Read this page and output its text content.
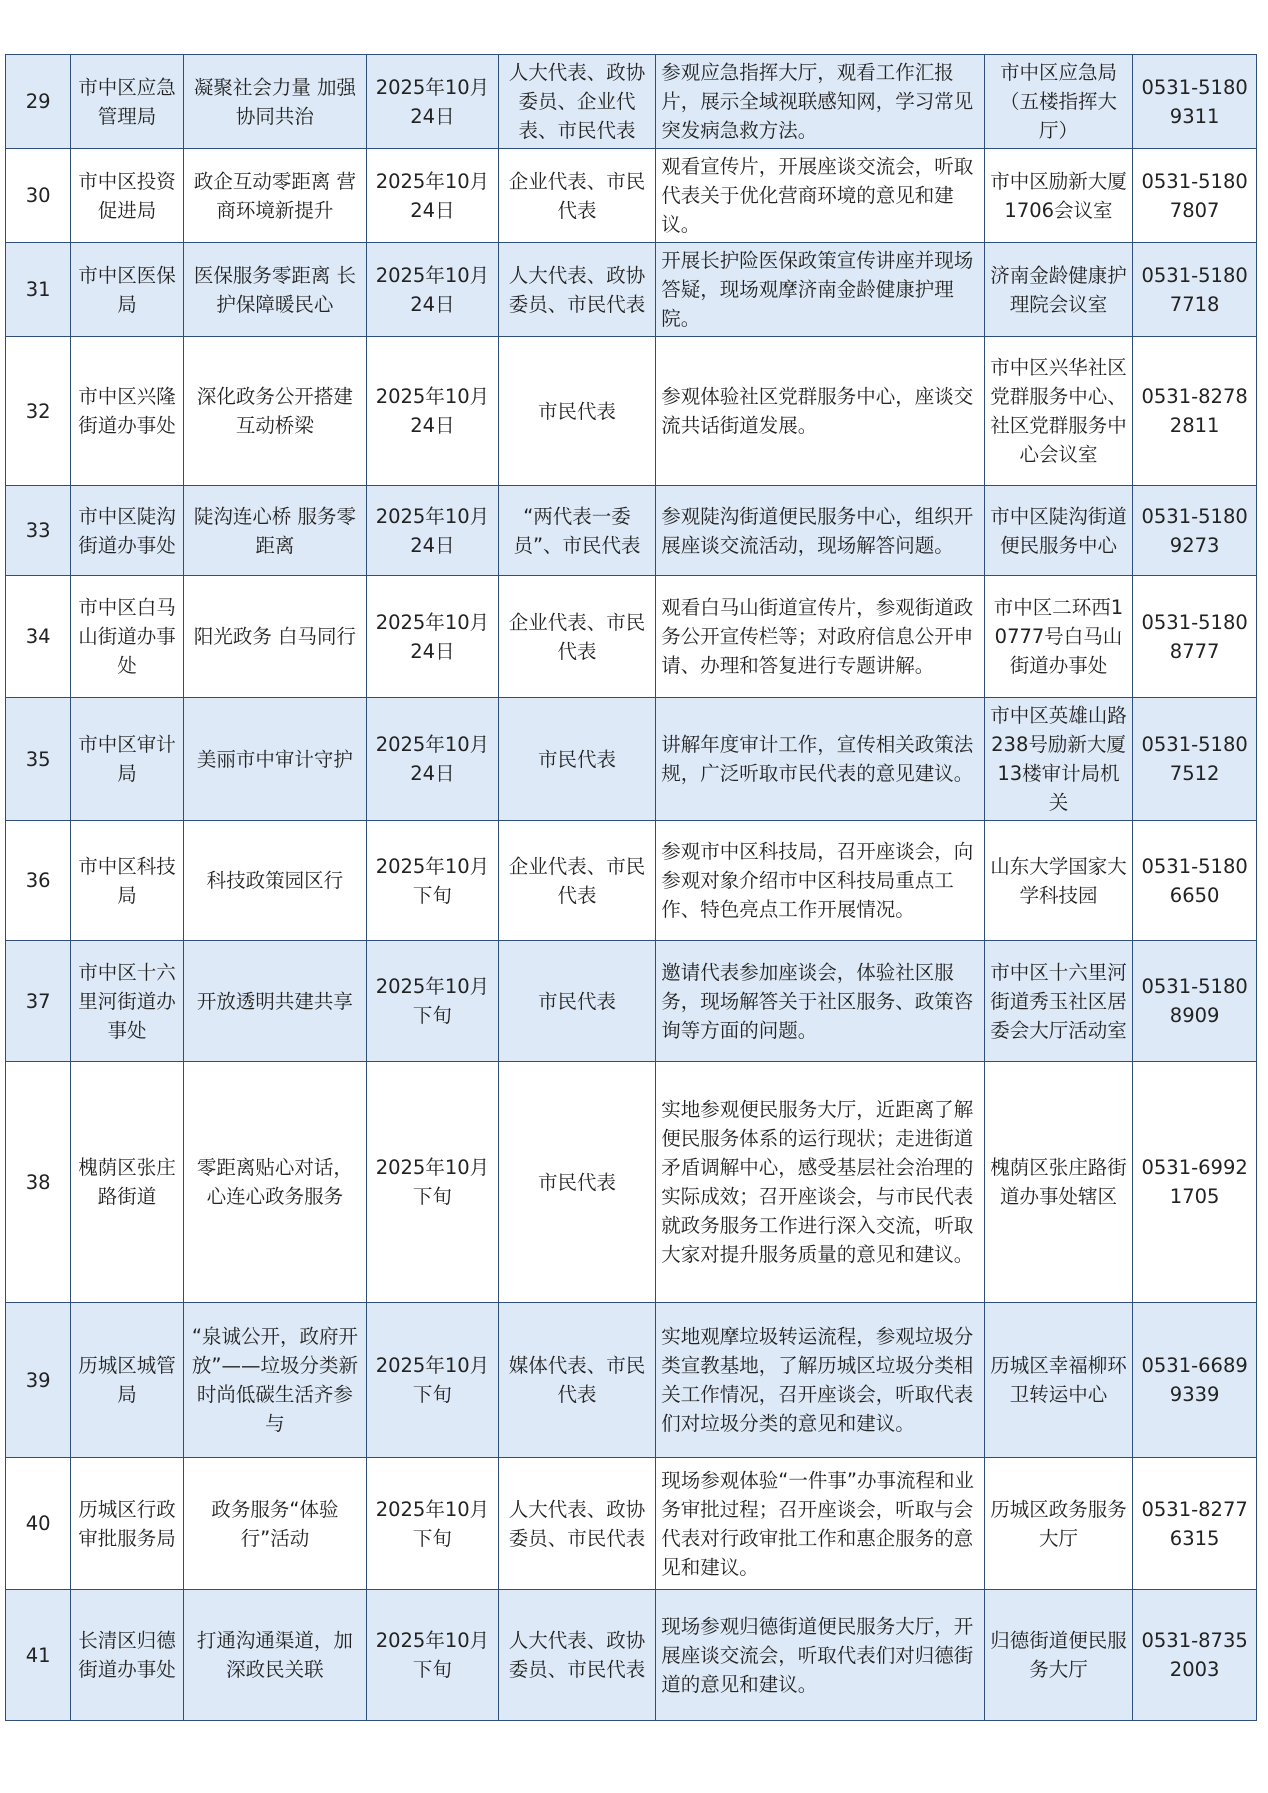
29	市中区应急管理局	凝聚社会力量 加强协同共治	2025年10月24日	人大代表、政协委员、企业代表、市民代表	参观应急指挥大厅，观看工作汇报片，展示全域视联感知网，学习常见突发病急救方法。	市中区应急局（五楼指挥大厅）	0531-51809311
30	市中区投资促进局	政企互动零距离 营商环境新提升	2025年10月24日	企业代表、市民代表	观看宣传片，开展座谈交流会，听取代表关于优化营商环境的意见和建议。	市中区励新大厦1706会议室	0531-51807807
31	市中区医保局	医保服务零距离 长护保障暖民心	2025年10月24日	人大代表、政协委员、市民代表	开展长护险医保政策宣传讲座并现场答疑，现场观摩济南金龄健康护理院。	济南金龄健康护理院会议室	0531-51807718
32	市中区兴隆街道办事处	深化政务公开搭建互动桥梁	2025年10月24日	市民代表	参观体验社区党群服务中心，座谈交流共话街道发展。	市中区兴华社区党群服务中心、社区党群服务中心会议室	0531-82782811
33	市中区陡沟街道办事处	陡沟连心桥 服务零距离	2025年10月24日	“两代表一委员”、市民代表	参观陡沟街道便民服务中心，组织开展座谈交流活动，现场解答问题。	市中区陡沟街道便民服务中心	0531-51809273
34	市中区白马山街道办事处	阳光政务 白马同行	2025年10月24日	企业代表、市民代表	观看白马山街道宣传片，参观街道政务公开宣传栏等；对政府信息公开申请、办理和答复进行专题讲解。	市中区二环西10777号白马山街道办事处	0531-51808777
35	市中区审计局	美丽市中审计守护	2025年10月24日	市民代表	讲解年度审计工作，宣传相关政策法规，广泛听取市民代表的意见建议。	市中区英雄山路238号励新大厦13楼审计局机关	0531-51807512
36	市中区科技局	科技政策园区行	2025年10月下旬	企业代表、市民代表	参观市中区科技局，召开座谈会，向参观对象介绍市中区科技局重点工作、特色亮点工作开展情况。	山东大学国家大学科技园	0531-51806650
37	市中区十六里河街道办事处	开放透明共建共享	2025年10月下旬	市民代表	邀请代表参加座谈会，体验社区服务，现场解答关于社区服务、政策咨询等方面的问题。	市中区十六里河街道秀玉社区居委会大厅活动室	0531-51808909
38	槐荫区张庄路街道	零距离贴心对话，心连心政务服务	2025年10月下旬	市民代表	实地参观便民服务大厅，近距离了解便民服务体系的运行现状；走进街道矛盾调解中心，感受基层社会治理的实际成效；召开座谈会，与市民代表就政务服务工作进行深入交流，听取大家对提升服务质量的意见和建议。	槐荫区张庄路街道办事处辖区	0531-69921705
39	历城区城管局	“泉诚公开，政府开放”——垃圾分类新时尚低碳生活齐参与	2025年10月下旬	媒体代表、市民代表	实地观摩垃圾转运流程，参观垃圾分类宣教基地，了解历城区垃圾分类相关工作情况，召开座谈会，听取代表们对垃圾分类的意见和建议。	历城区幸福柳环卫转运中心	0531-66899339
40	历城区行政审批服务局	政务服务“体验行”活动	2025年10月下旬	人大代表、政协委员、市民代表	现场参观体验“一件事”办事流程和业务审批过程；召开座谈会，听取与会代表对行政审批工作和惠企服务的意见和建议。	历城区政务服务大厅	0531-82776315
41	长清区归德街道办事处	打通沟通渠道，加深政民关联	2025年10月下旬	人大代表、政协委员、市民代表	现场参观归德街道便民服务大厅，开展座谈交流会，听取代表们对归德街道的意见和建议。	归德街道便民服务大厅	0531-87352003
